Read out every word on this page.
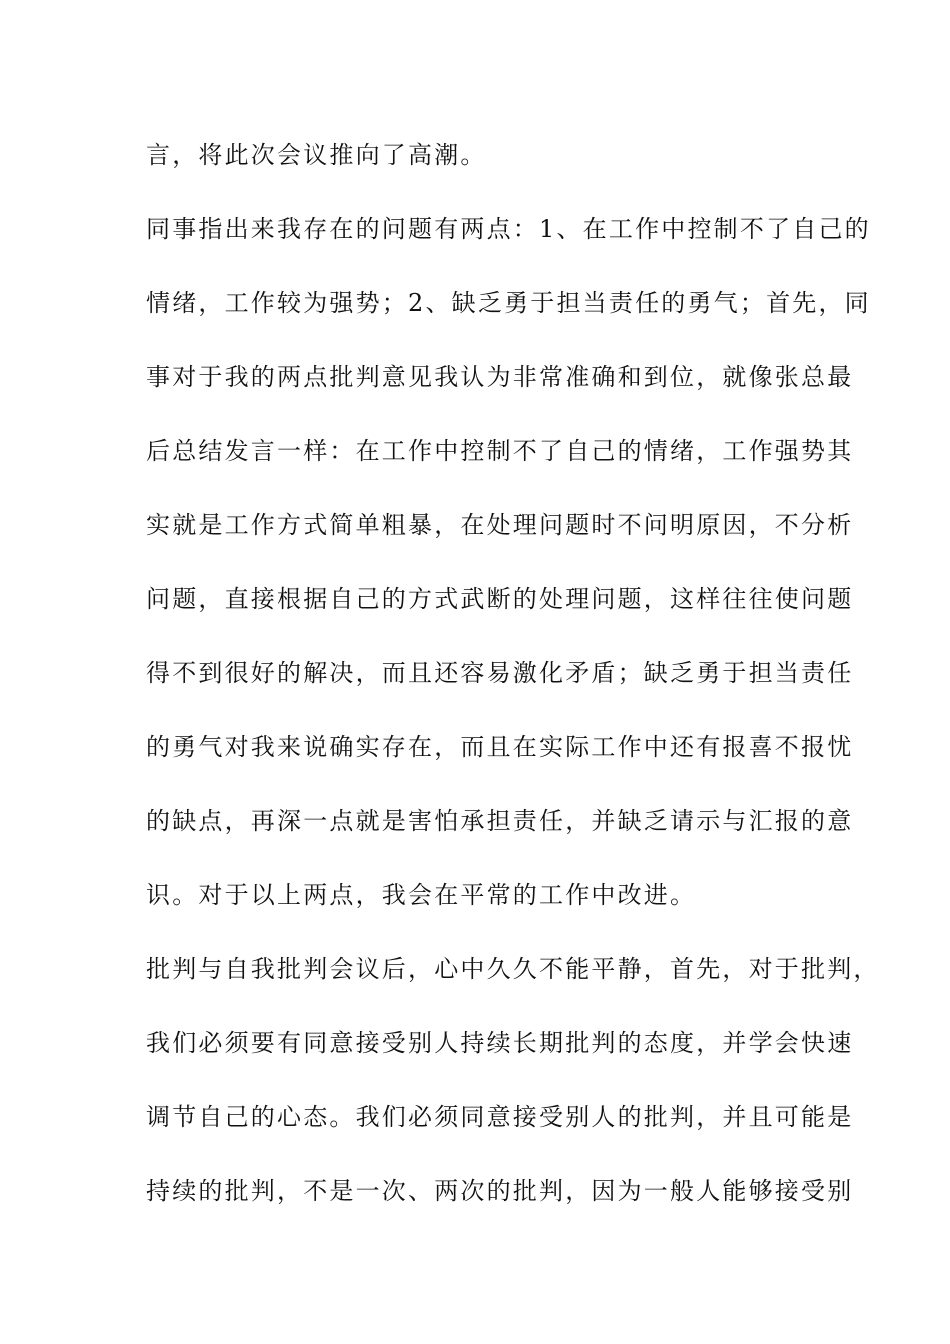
言，将此次会议推向了高潮。
同事指出来我存在的问题有两点：1、在工作中控制不了自己的
情绪，工作较为强势；2、缺乏勇于担当责任的勇气；首先，同
事对于我的两点批判意见我认为非常准确和到位，就像张总最
后总结发言一样：在工作中控制不了自己的情绪，工作强势其
实就是工作方式简单粗暴，在处理问题时不问明原因，不分析
问题，直接根据自己的方式武断的处理问题，这样往往使问题
得不到很好的解决，而且还容易激化矛盾；缺乏勇于担当责任
的勇气对我来说确实存在，而且在实际工作中还有报喜不报忧
的缺点，再深一点就是害怕承担责任，并缺乏请示与汇报的意
识。对于以上两点，我会在平常的工作中改进。
批判与自我批判会议后，心中久久不能平静，首先，对于批判，
我们必须要有同意接受别人持续长期批判的态度，并学会快速
调节自己的心态。我们必须同意接受别人的批判，并且可能是
持续的批判，不是一次、两次的批判，因为一般人能够接受别
